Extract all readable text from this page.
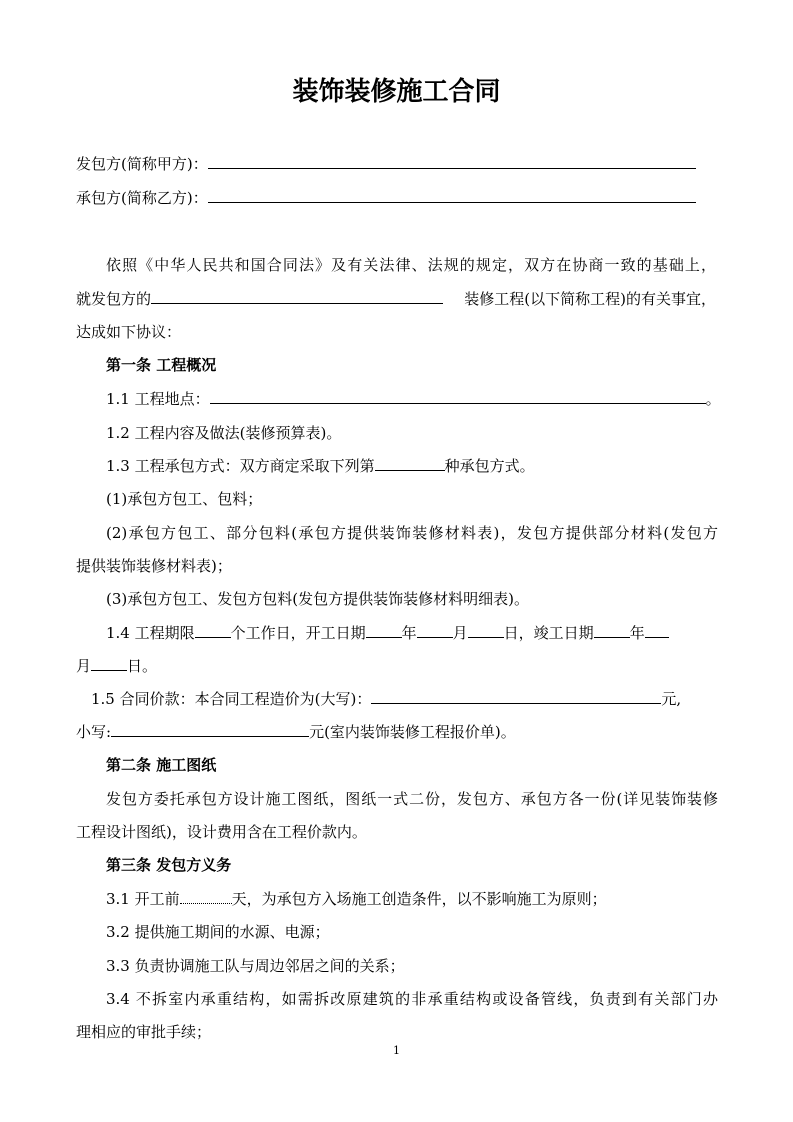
装饰装修施工合同
发包方(简称甲方)：
承包方(简称乙方)：
依照《中华人民共和国合同法》及有关法律、法规的规定，双方在协商一致的基础上，
就发包方的	装修工程(以下简称工程)的有关事宜，
达成如下协议：
第一条 工程概况
1.1 工程地点：	。
1.2 工程内容及做法(装修预算表)。
1.3 工程承包方式：双方商定采取下列第	种承包方式。
(1)承包方包工、包料；
(2)承包方包工、部分包料(承包方提供装饰装修材料表)，发包方提供部分材料(发包方
提供装饰装修材料表)；
(3)承包方包工、发包方包料(发包方提供装饰装修材料明细表)。
1.4 工程期限 个工作日，开工日期 年 月 日，竣工日期 年
月 日。
1.5 合同价款：本合同工程造价为(大写)：	元,
小写:	元(室内装饰装修工程报价单)。
第二条 施工图纸
发包方委托承包方设计施工图纸，图纸一式二份，发包方、承包方各一份(详见装饰装修
工程设计图纸)，设计费用含在工程价款内。
第三条 发包方义务
3.1 开工前	天，为承包方入场施工创造条件，以不影响施工为原则；
3.2 提供施工期间的水源、电源；
3.3 负责协调施工队与周边邻居之间的关系；
3.4 不拆室内承重结构，如需拆改原建筑的非承重结构或设备管线，负责到有关部门办
理相应的审批手续；
1
